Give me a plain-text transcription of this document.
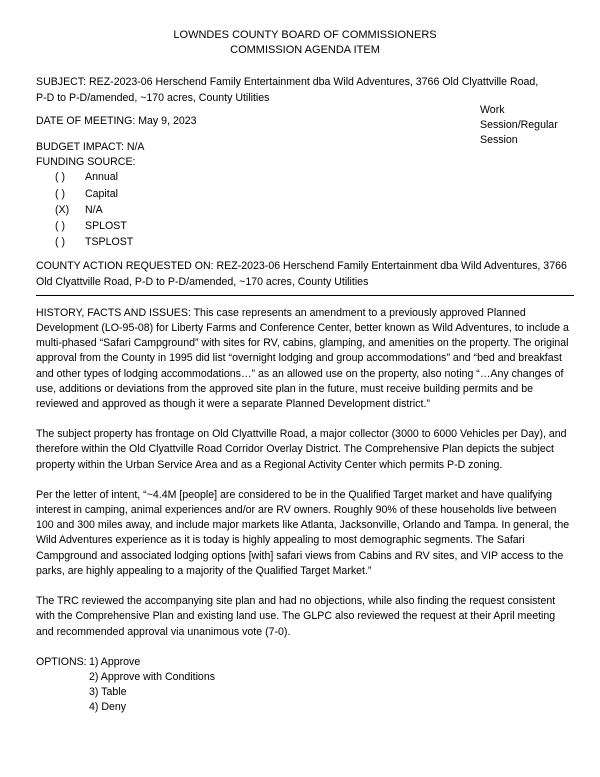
LOWNDES COUNTY BOARD OF COMMISSIONERS
COMMISSION AGENDA ITEM
SUBJECT: REZ-2023-06 Herschend Family Entertainment dba Wild Adventures, 3766 Old Clyattville Road, P-D to P-D/amended, ~170 acres, County Utilities
DATE OF MEETING: May 9, 2023
Work Session/Regular Session
BUDGET IMPACT: N/A
FUNDING SOURCE:
( )	Annual
( )	Capital
(X)	N/A
( )	SPLOST
( )	TSPLOST
COUNTY ACTION REQUESTED ON: REZ-2023-06 Herschend Family Entertainment dba Wild Adventures, 3766 Old Clyattville Road, P-D to P-D/amended, ~170 acres, County Utilities
HISTORY, FACTS AND ISSUES: This case represents an amendment to a previously approved Planned Development (LO-95-08) for Liberty Farms and Conference Center, better known as Wild Adventures, to include a multi-phased “Safari Campground” with sites for RV, cabins, glamping, and amenities on the property. The original approval from the County in 1995 did list “overnight lodging and group accommodations” and “bed and breakfast and other types of lodging accommodations…” as an allowed use on the property, also noting “…Any changes of use, additions or deviations from the approved site plan in the future, must receive building permits and be reviewed and approved as though it were a separate Planned Development district.”
The subject property has frontage on Old Clyattville Road, a major collector (3000 to 6000 Vehicles per Day), and therefore within the Old Clyattville Road Corridor Overlay District. The Comprehensive Plan depicts the subject property within the Urban Service Area and as a Regional Activity Center which permits P-D zoning.
Per the letter of intent, “~4.4M [people] are considered to be in the Qualified Target market and have qualifying interest in camping, animal experiences and/or are RV owners. Roughly 90% of these households live between 100 and 300 miles away, and include major markets like Atlanta, Jacksonville, Orlando and Tampa. In general, the Wild Adventures experience as it is today is highly appealing to most demographic segments. The Safari Campground and associated lodging options [with] safari views from Cabins and RV sites, and VIP access to the parks, are highly appealing to a majority of the Qualified Target Market.”
The TRC reviewed the accompanying site plan and had no objections, while also finding the request consistent with the Comprehensive Plan and existing land use. The GLPC also reviewed the request at their April meeting and recommended approval via unanimous vote (7-0).
OPTIONS: 1) Approve
2) Approve with Conditions
3) Table
4) Deny
